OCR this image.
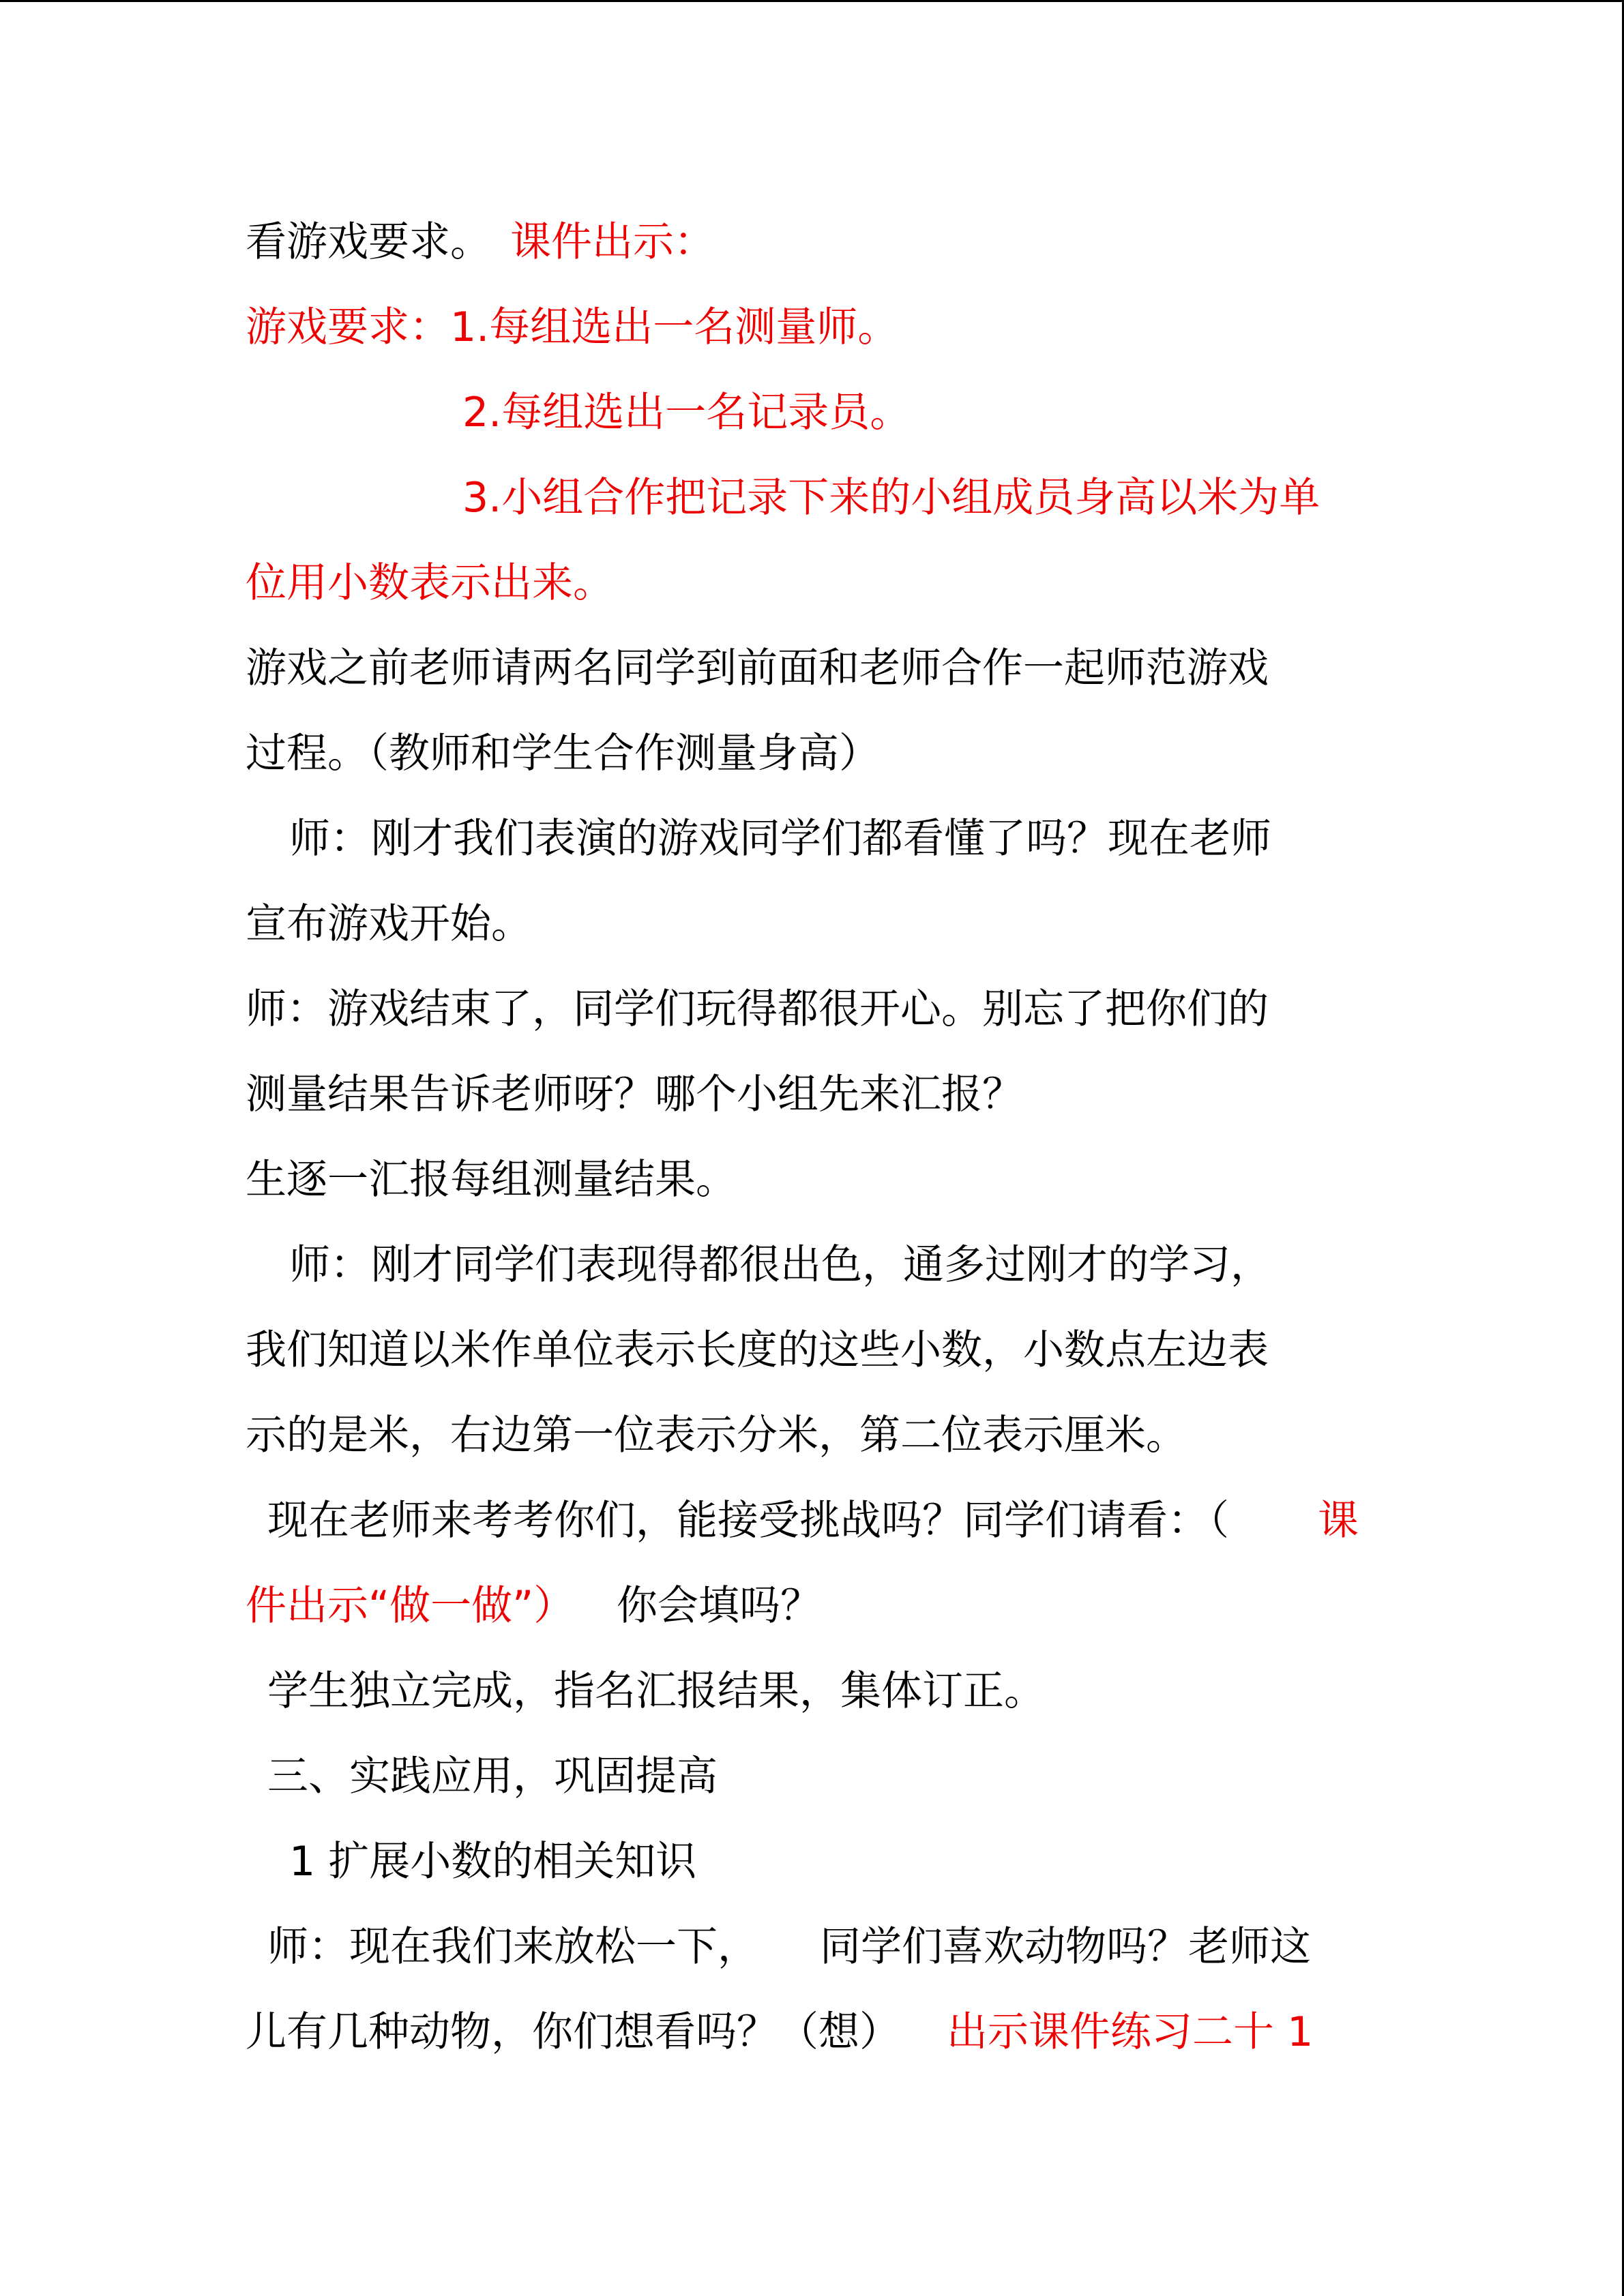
看游戏要求。 课件出示：
游戏要求：1.每组选出一名测量师。
2.每组选出一名记录员。
3.小组合作把记录下来的小组成员身高以米为单
位用小数表示出来。
游戏之前老师请两名同学到前面和老师合作一起师范游戏
过程。（教师和学生合作测量身高）
师：刚才我们表演的游戏同学们都看懂了吗？现在老师
宣布游戏开始。
师：游戏结束了，同学们玩得都很开心。别忘了把你们的
测量结果告诉老师呀？哪个小组先来汇报？
生逐一汇报每组测量结果。
师：刚才同学们表现得都很出色，通多过刚才的学习，
我们知道以米作单位表示长度的这些小数，小数点左边表
示的是米，右边第一位表示分米，第二位表示厘米。
现在老师来考考你们，能接受挑战吗？同学们请看：（ 课
件出示“做一做”） 你会填吗？
学生独立完成，指名汇报结果，集体订正。
三、实践应用，巩固提高
1 扩展小数的相关知识
师：现在我们来放松一下，　　同学们喜欢动物吗？老师这
儿有几种动物，你们想看吗？（想） 出示课件练习二十 1
